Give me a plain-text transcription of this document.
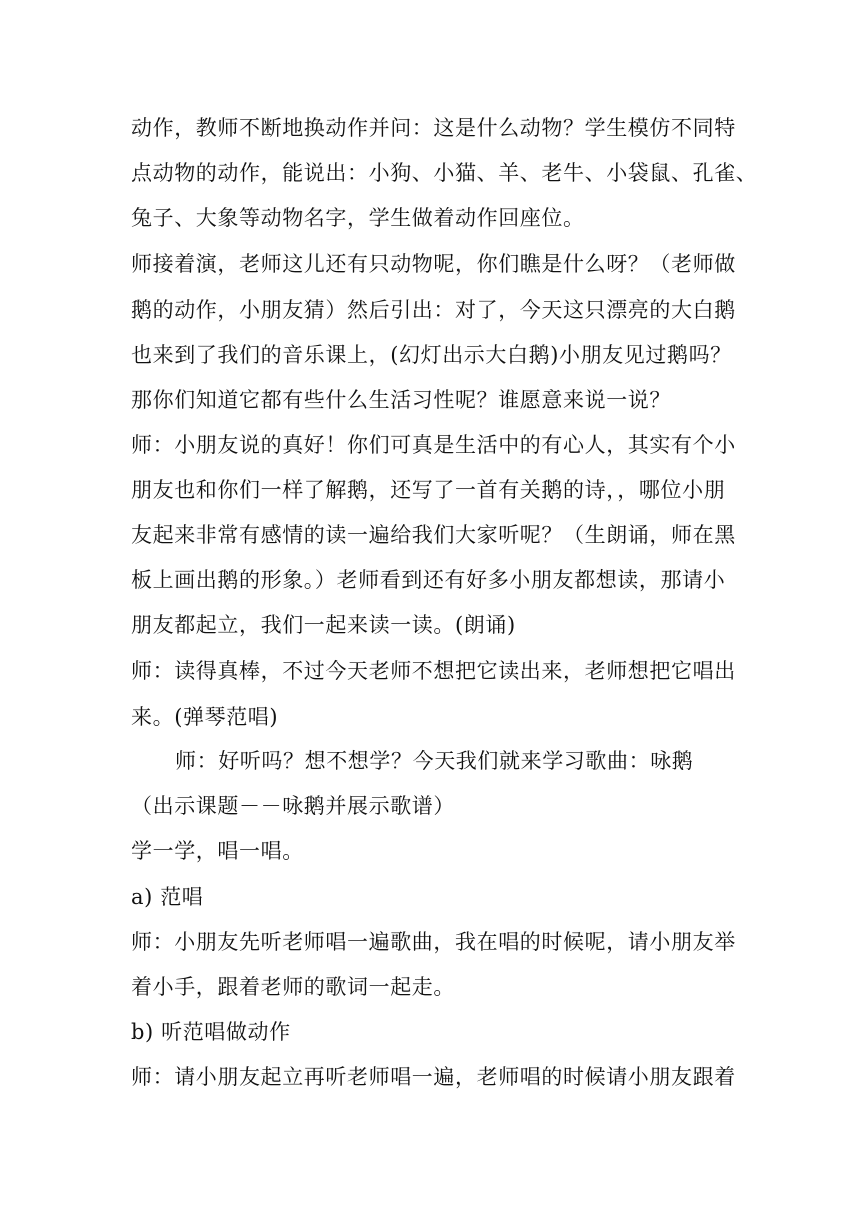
动作，教师不断地换动作并问：这是什么动物？学生模仿不同特
点动物的动作，能说出：小狗、小猫、羊、老牛、小袋鼠、孔雀、
兔子、大象等动物名字，学生做着动作回座位。
师接着演，老师这儿还有只动物呢，你们瞧是什么呀？（老师做
鹅的动作，小朋友猜）然后引出：对了，今天这只漂亮的大白鹅
也来到了我们的音乐课上，(幻灯出示大白鹅)小朋友见过鹅吗？
那你们知道它都有些什么生活习性呢？谁愿意来说一说？
师：小朋友说的真好！你们可真是生活中的有心人，其实有个小
朋友也和你们一样了解鹅，还写了一首有关鹅的诗，，哪位小朋
友起来非常有感情的读一遍给我们大家听呢？（生朗诵，师在黑
板上画出鹅的形象。）老师看到还有好多小朋友都想读，那请小
朋友都起立，我们一起来读一读。(朗诵)
师：读得真棒，不过今天老师不想把它读出来，老师想把它唱出
来。(弹琴范唱)
师：好听吗？想不想学？今天我们就来学习歌曲：咏鹅
（出示课题－－咏鹅并展示歌谱）
学一学，唱一唱。
a) 范唱
师：小朋友先听老师唱一遍歌曲，我在唱的时候呢，请小朋友举
着小手，跟着老师的歌词一起走。
b) 听范唱做动作
师：请小朋友起立再听老师唱一遍，老师唱的时候请小朋友跟着
